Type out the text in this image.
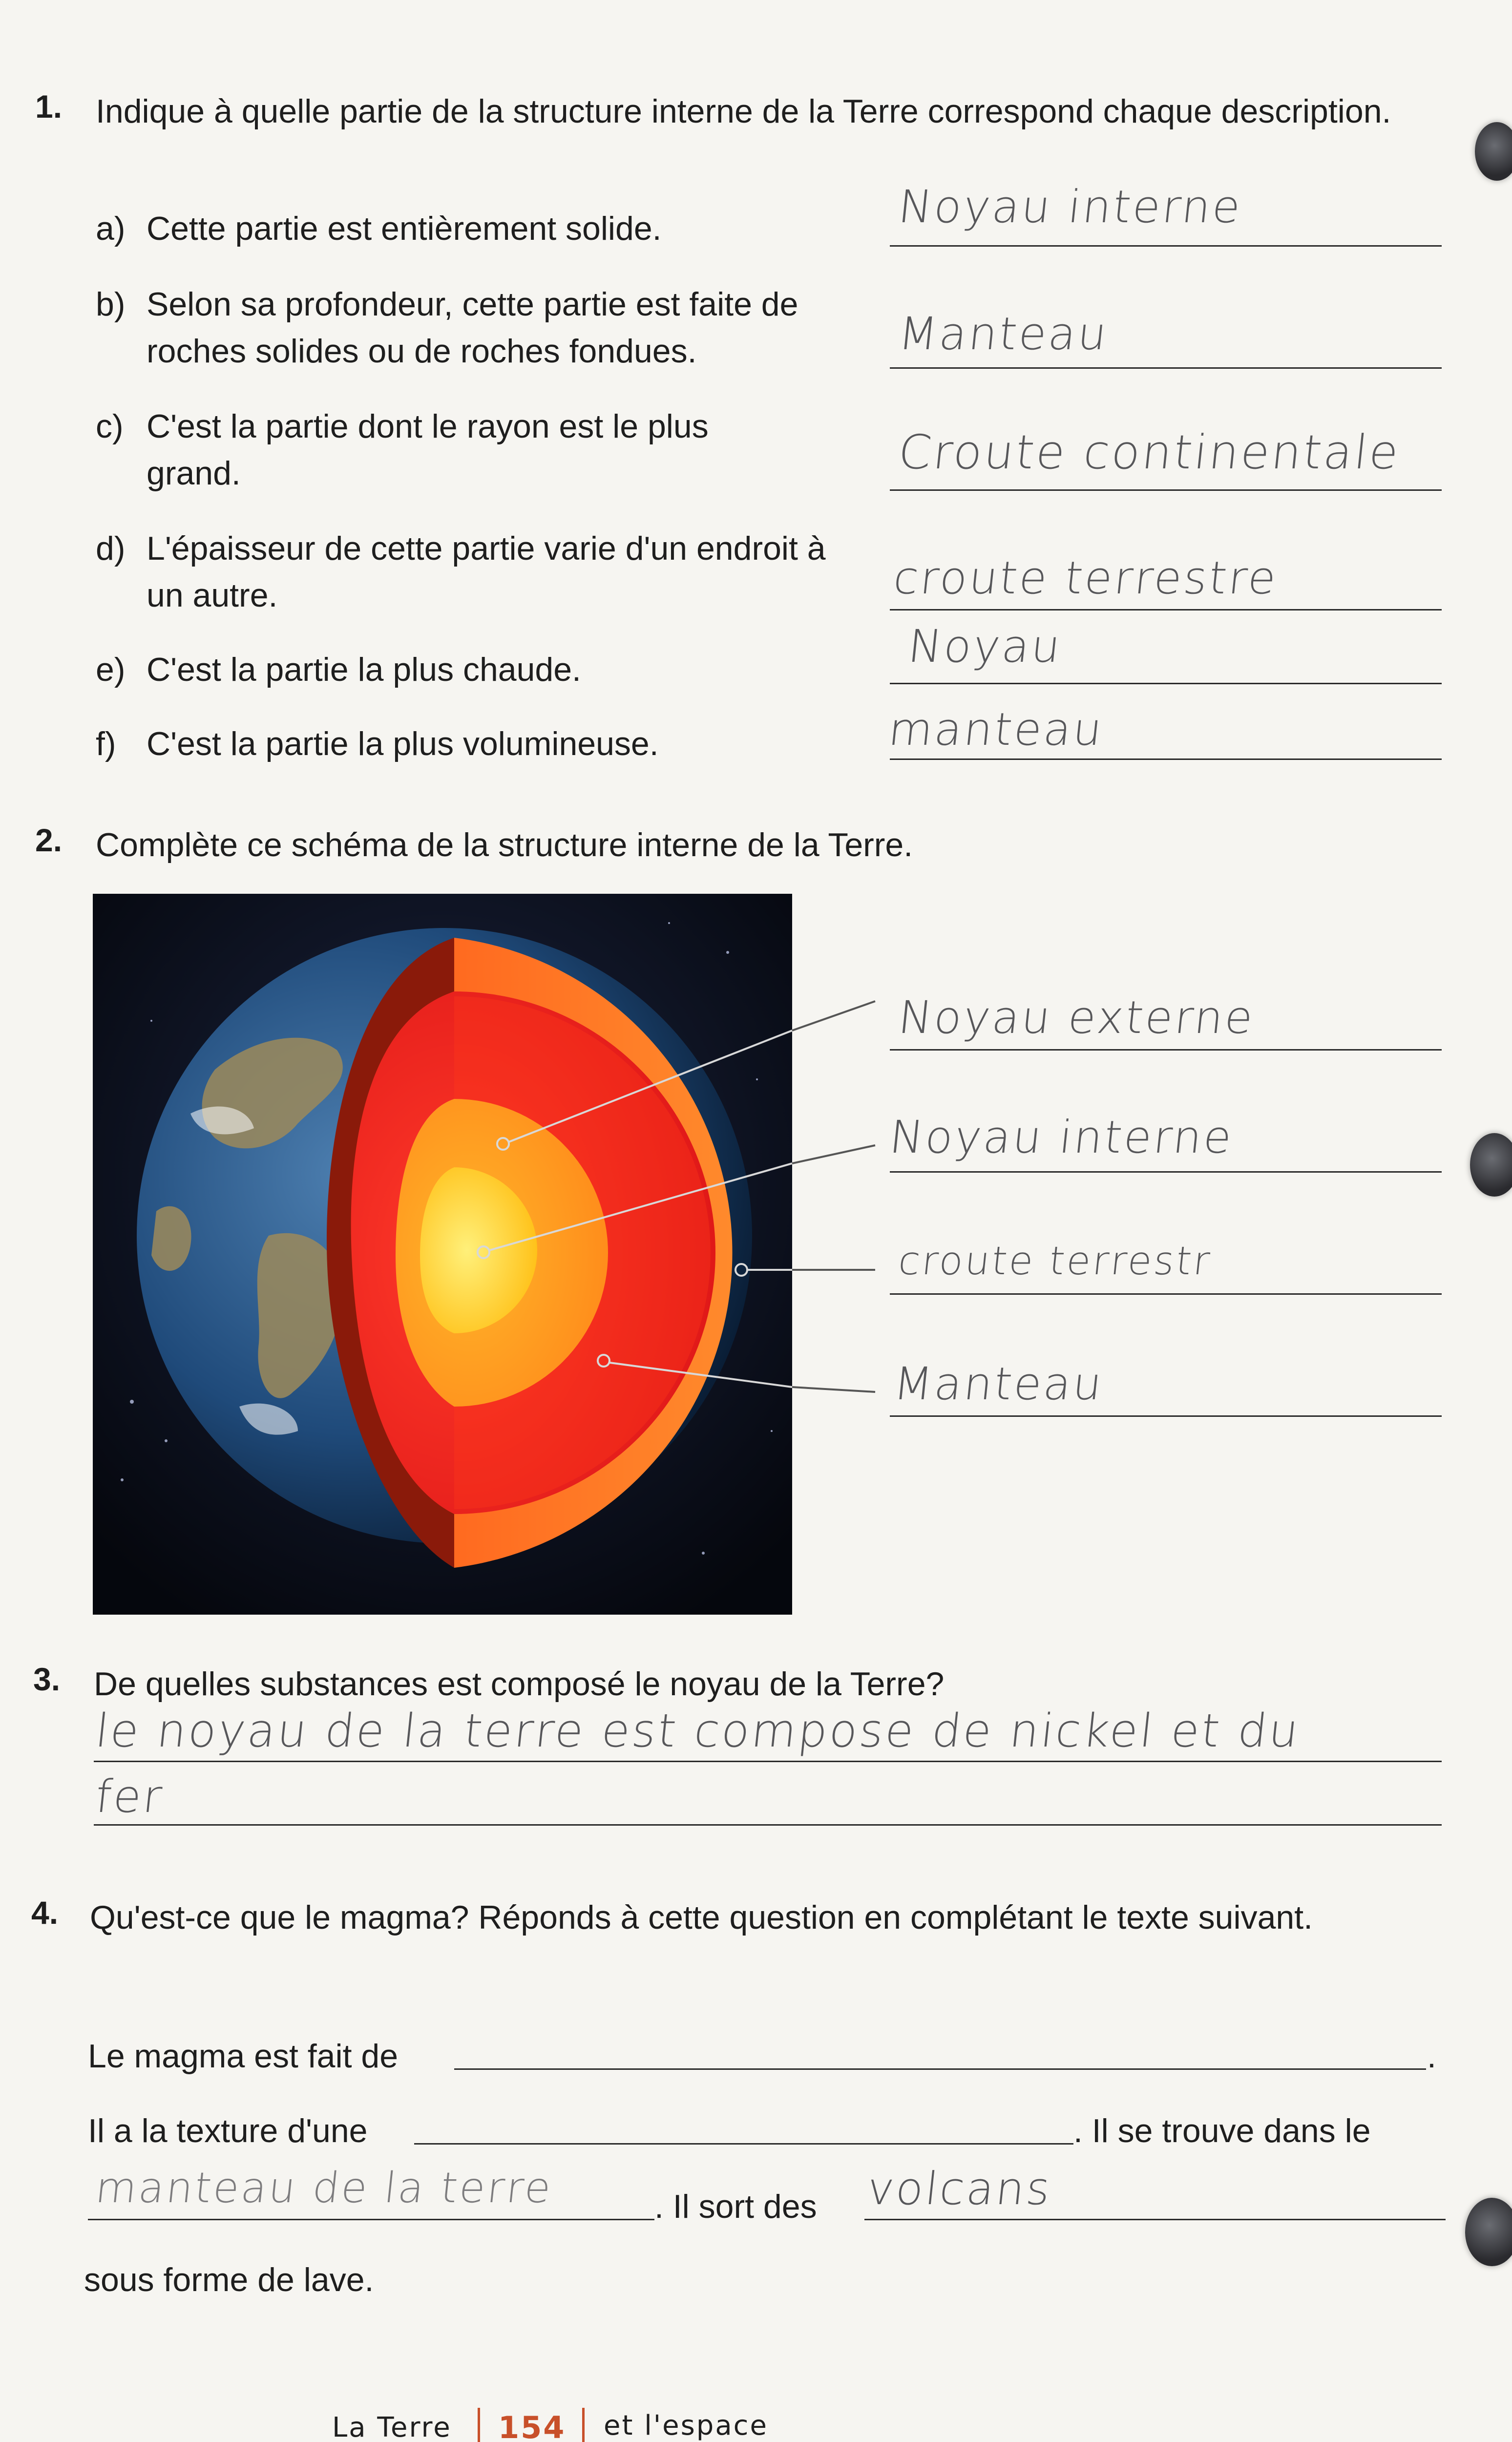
1. Indique à quelle partie de la structure interne de la Terre correspond chaque description.
a) Cette partie est entièrement solide.	Noyau interne
b) Selon sa profondeur, cette partie est faite de roches solides ou de roches fondues.	Manteau
c) C'est la partie dont le rayon est le plus grand.	Croute continentale
d) L'épaisseur de cette partie varie d'un endroit à un autre.	croute terrestre
e) C'est la partie la plus chaude.	Noyau
f) C'est la partie la plus volumineuse.	manteau
2. Complète ce schéma de la structure interne de la Terre.
Noyau externe
Noyau interne
croute terrestr
Manteau
3. De quelles substances est composé le noyau de la Terre?
le noyau de la terre est compose de nickel et du
fer
4. Qu'est-ce que le magma? Réponds à cette question en complétant le texte suivant.
Le magma est fait de	.
Il a la texture d'une	. Il se trouve dans le
manteau de la terre	. Il sort des volcans
sous forme de lave.
La Terre 154 et l'espace
